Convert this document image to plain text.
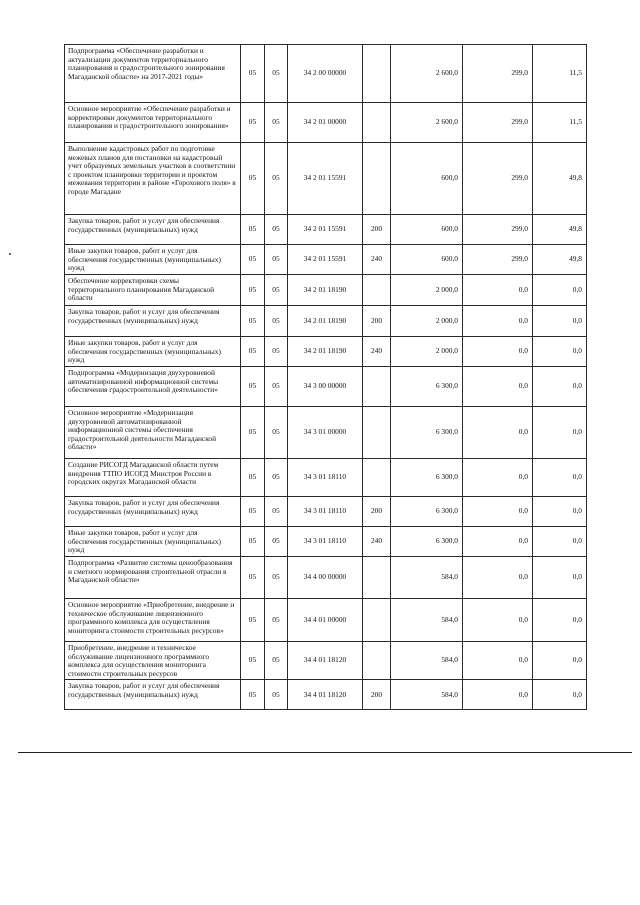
Подпрограмма «Обеспечение разработки и актуализации документов территориального планирования и градостроительного зонирования Магаданской области» на 2017-2021 годы»	05	05	34 2 00 00000		2 600,0	299,0	11,5
Основное мероприятие «Обеспечение разработки и корректировки документов территориального планирования и градостроительного зонирования»	05	05	34 2 01 00000		2 600,0	299,0	11,5
Выполнение кадастровых работ по подготовке межевых планов для постановки на кадастровый учет образуемых земельных участков в соответствии с проектом планировки территории и проектом межевания территории в районе «Горохового поля» в городе Магадане	05	05	34 2 01 15591		600,0	299,0	49,8
Закупка товаров, работ и услуг для обеспечения государственных (муниципальных) нужд	05	05	34 2 01 15591	200	600,0	299,0	49,8
Иные закупки товаров, работ и услуг для обеспечения государственных (муниципальных) нужд	05	05	34 2 01 15591	240	600,0	299,0	49,8
Обеспечение корректировки схемы территориального планирования Магаданской области	05	05	34 2 01 18190		2 000,0	0,0	0,0
Закупка товаров, работ и услуг для обеспечения государственных (муниципальных) нужд	05	05	34 2 01 18190	200	2 000,0	0,0	0,0
Иные закупки товаров, работ и услуг для обеспечения государственных (муниципальных) нужд	05	05	34 2 01 18190	240	2 000,0	0,0	0,0
Подпрограмма «Модернизация двухуровневой автоматизированной информационной системы обеспечения градостроительной деятельности»	05	05	34 3 00 00000		6 300,0	0,0	0,0
Основное мероприятие «Модернизация двухуровневой автоматизированной информационной системы обеспечения градостроительной деятельности Магаданской области»	05	05	34 3 01 00000		6 300,0	0,0	0,0
Создание РИСОГД Магаданской области путем внедрения ТТПО ИСОГД Минстроя России в городских округах Магаданской области	05	05	34 3 01 18110		6 300,0	0,0	0,0
Закупка товаров, работ и услуг для обеспечения государственных (муниципальных) нужд	05	05	34 3 01 18110	200	6 300,0	0,0	0,0
Иные закупки товаров, работ и услуг для обеспечения государственных (муниципальных) нужд	05	05	34 3 01 18110	240	6 300,0	0,0	0,0
Подпрограмма «Развитие системы ценообразования и сметного нормирования строительной отрасли в Магаданской области»	05	05	34 4 00 00000		584,0	0,0	0,0
Основное мероприятие «Приобретение, внедрение и техническое обслуживание лицензионного программного комплекса для осуществления мониторинга стоимости строительных ресурсов»	05	05	34 4 01 00000		584,0	0,0	0,0
Приобретение, внедрение и техническое обслуживание лицензионного программного комплекса для осуществления мониторинга стоимости строительных ресурсов	05	05	34 4 01 18120		584,0	0,0	0,0
Закупка товаров, работ и услуг для обеспечения государственных (муниципальных) нужд	05	05	34 4 01 18120	200	584,0	0,0	0,0
